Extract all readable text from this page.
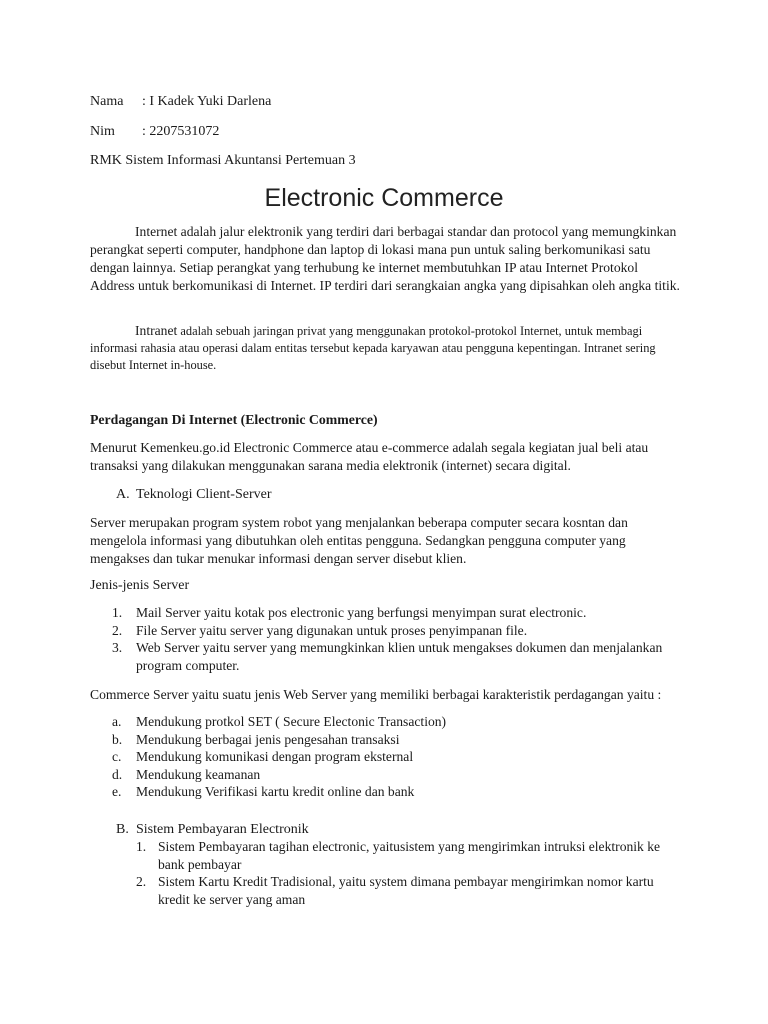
Nama	: I Kadek Yuki Darlena
Nim	: 2207531072
RMK Sistem Informasi Akuntansi Pertemuan 3
Electronic Commerce

Internet adalah jalur elektronik yang terdiri dari berbagai standar dan protocol yang memungkinkan perangkat seperti computer, handphone dan laptop di lokasi mana pun untuk saling berkomunikasi satu dengan lainnya. Setiap perangkat yang terhubung ke internet membutuhkan IP atau Internet Protokol Address untuk berkomunikasi di Internet. IP terdiri dari serangkaian angka yang dipisahkan oleh angka titik.

Intranet adalah sebuah jaringan privat yang menggunakan protokol-protokol Internet, untuk membagi informasi rahasia atau operasi dalam entitas tersebut kepada karyawan atau pengguna kepentingan. Intranet sering disebut Internet in-house.

Perdagangan Di Internet (Electronic Commerce)

Menurut Kemenkeu.go.id Electronic Commerce atau e-commerce adalah segala kegiatan jual beli atau transaksi yang dilakukan menggunakan sarana media elektronik (internet) secara digital.

A. Teknologi Client-Server

Server merupakan program system robot yang menjalankan beberapa computer secara kosntan dan mengelola informasi yang dibutuhkan oleh entitas pengguna. Sedangkan pengguna computer yang mengakses dan tukar menukar informasi dengan server disebut klien.

Jenis-jenis Server
1.	Mail Server yaitu kotak pos electronic yang berfungsi menyimpan surat electronic.
2.	File Server yaitu server yang digunakan untuk proses penyimpanan file.
3.	Web Server yaitu server yang memungkinkan klien untuk mengakses dokumen dan menjalankan program computer.

Commerce Server yaitu suatu jenis Web Server yang memiliki berbagai karakteristik perdagangan yaitu :

a.	Mendukung protkol SET ( Secure Electonic Transaction)
b.	Mendukung berbagai jenis pengesahan transaksi
c.	Mendukung komunikasi dengan program eksternal
d.	Mendukung keamanan
e.	Mendukung Verifikasi kartu kredit online dan bank
B. Sistem Pembayaran Electronik
1. Sistem Pembayaran tagihan electronic, yaitusistem yang mengirimkan intruksi elektronik ke bank pembayar
2. Sistem Kartu Kredit Tradisional, yaitu system dimana pembayar mengirimkan nomor kartu kredit ke server yang aman
